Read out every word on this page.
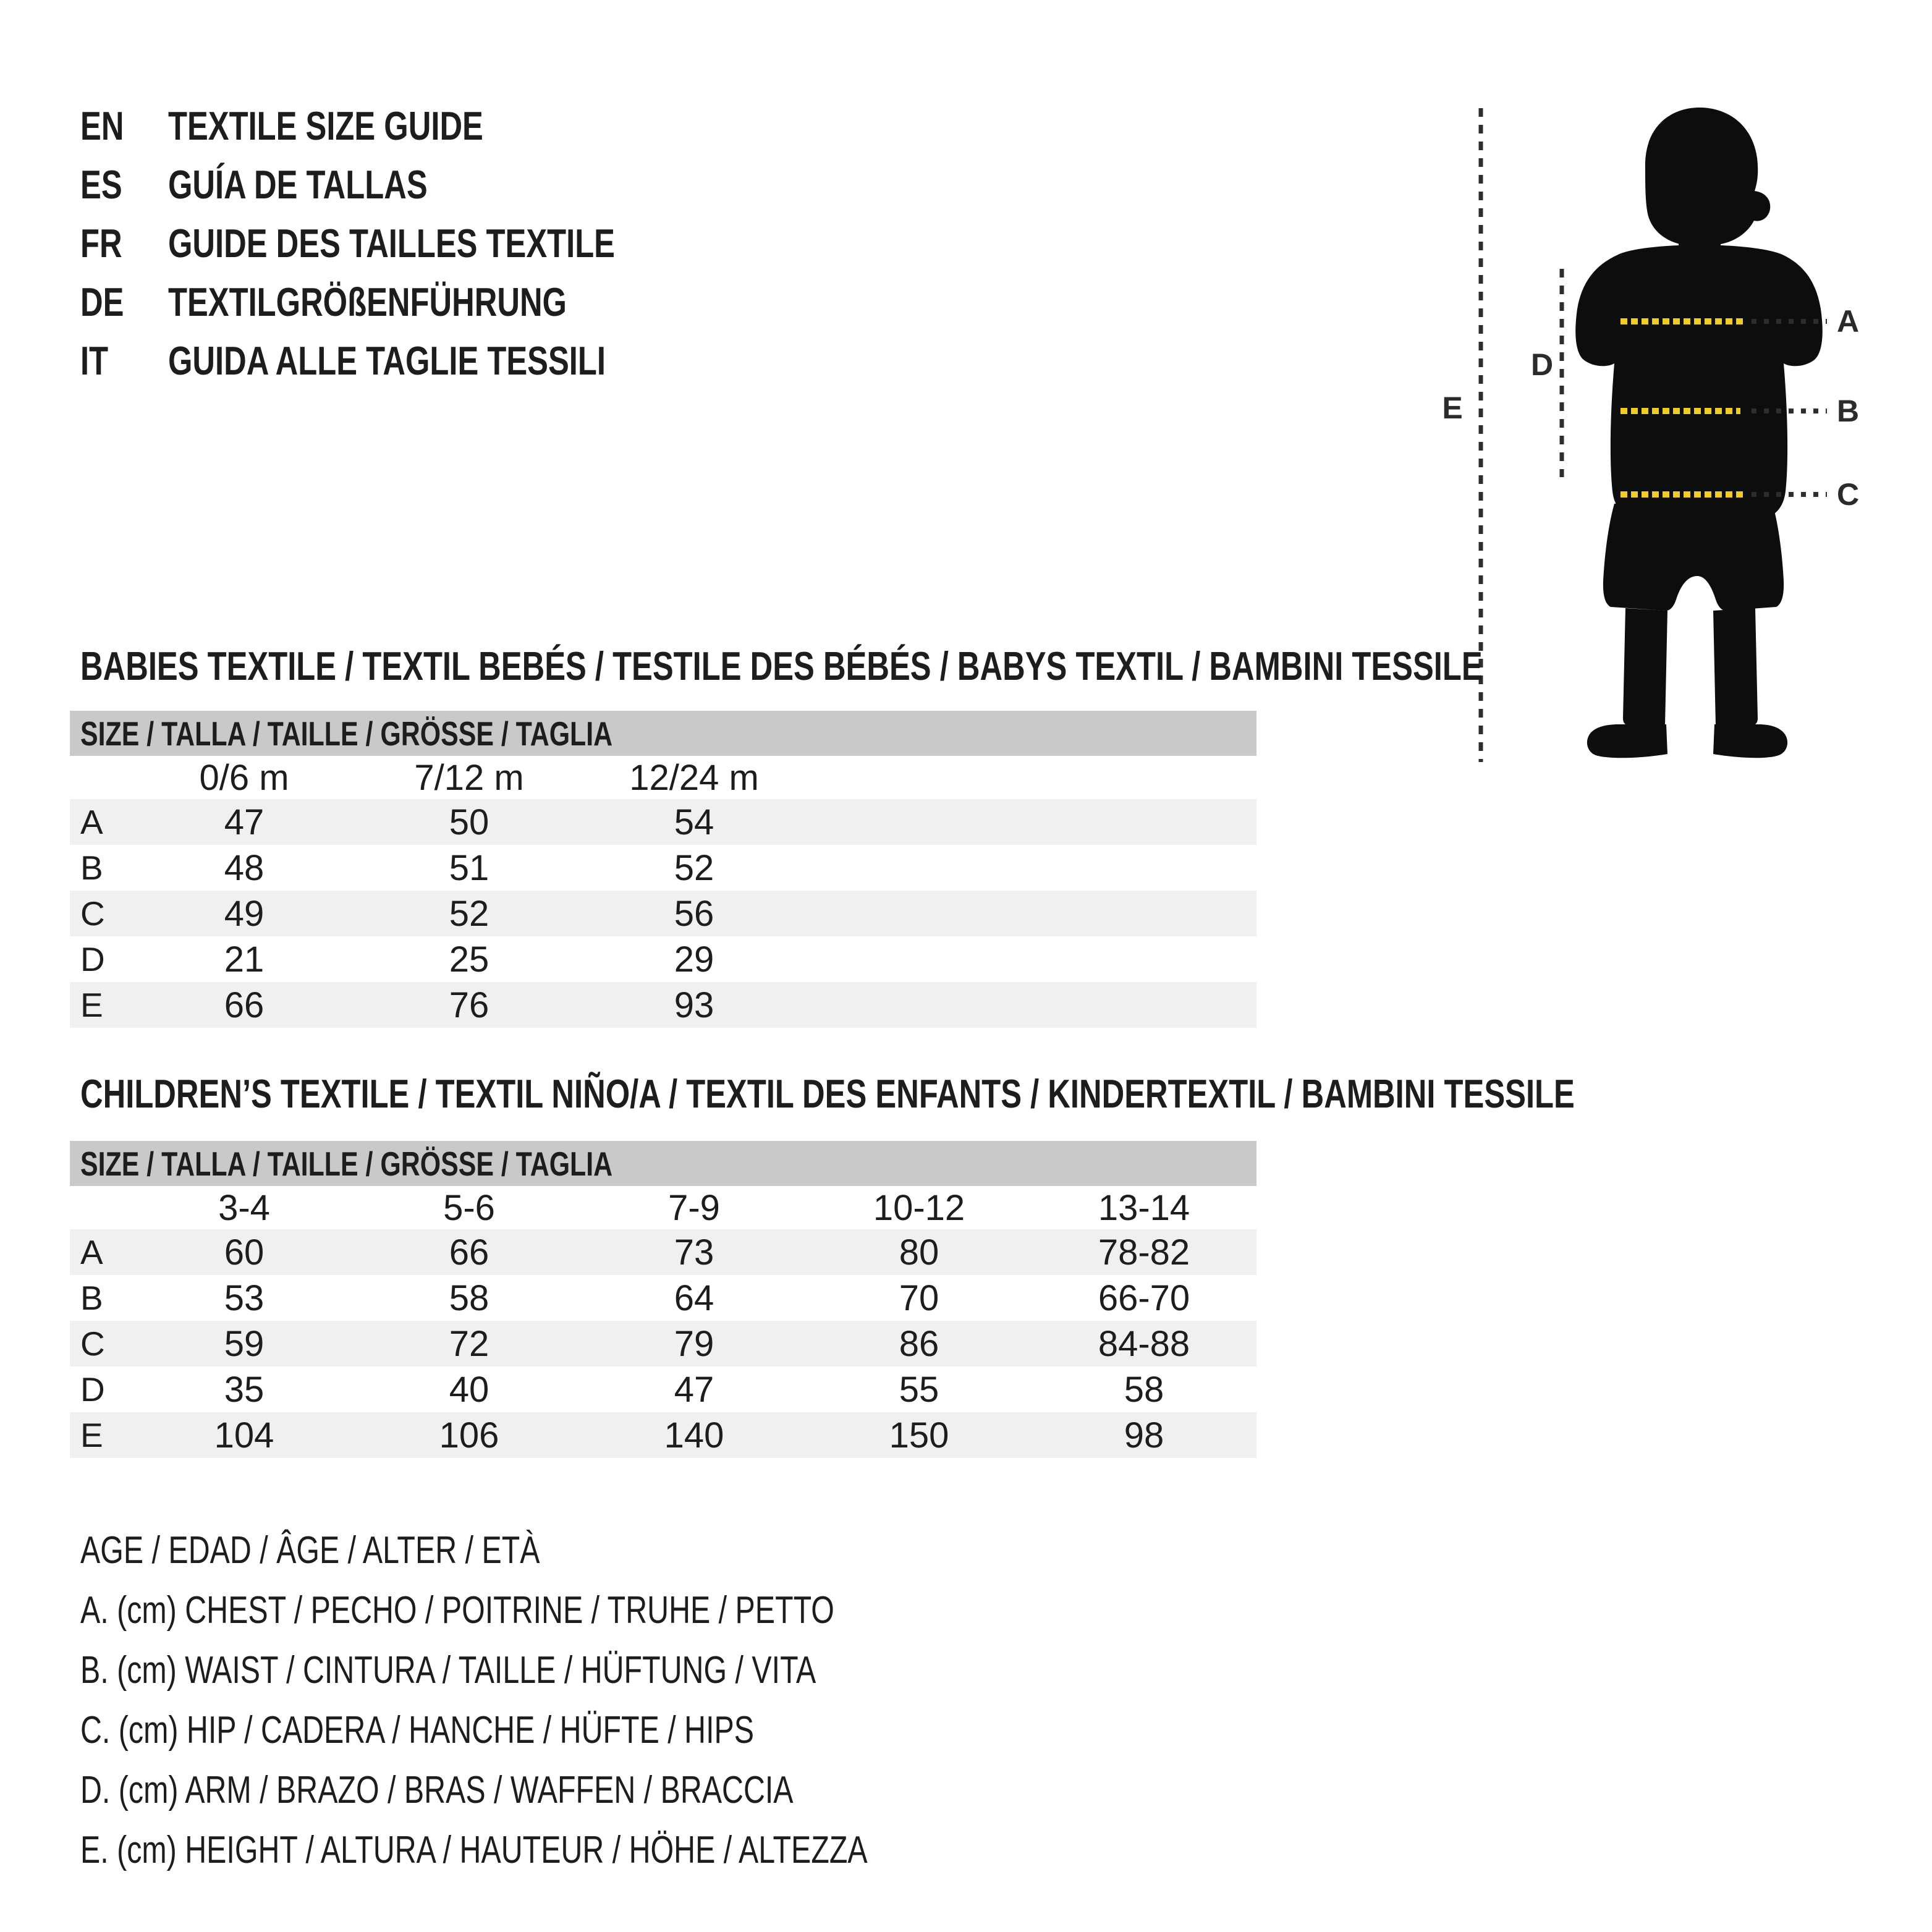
EN TEXTILE SIZE GUIDE
ES GUÍA DE TALLAS
FR GUIDE DES TAILLES TEXTILE
DE TEXTILGRÖßENFÜHRUNG
IT GUIDA ALLE TAGLIE TESSILI
A
B
C
D
E
BABIES TEXTILE / TEXTIL BEBÉS / TESTILE DES BÉBÉS / BABYS TEXTIL / BAMBINI TESSILE
SIZE / TALLA / TAILLE / GRÖSSE / TAGLIA
	0/6 m	7/12 m	12/24 m		
A	47	50	54		
B	48	51	52		
C	49	52	56		
D	21	25	29		
E	66	76	93		
CHILDREN’S TEXTILE / TEXTIL NIÑO/A / TEXTIL DES ENFANTS / KINDERTEXTIL / BAMBINI TESSILE
SIZE / TALLA / TAILLE / GRÖSSE / TAGLIA
	3-4	5-6	7-9	10-12	13-14
A	60	66	73	80	78-82
B	53	58	64	70	66-70
C	59	72	79	86	84-88
D	35	40	47	55	58
E	104	106	140	150	98
AGE / EDAD / ÂGE / ALTER / ETÀ
A. (cm) CHEST / PECHO / POITRINE / TRUHE / PETTO
B. (cm) WAIST / CINTURA / TAILLE / HÜFTUNG / VITA
C. (cm) HIP / CADERA / HANCHE / HÜFTE / HIPS
D. (cm) ARM / BRAZO / BRAS / WAFFEN / BRACCIA
E. (cm) HEIGHT / ALTURA / HAUTEUR / HÖHE / ALTEZZA
